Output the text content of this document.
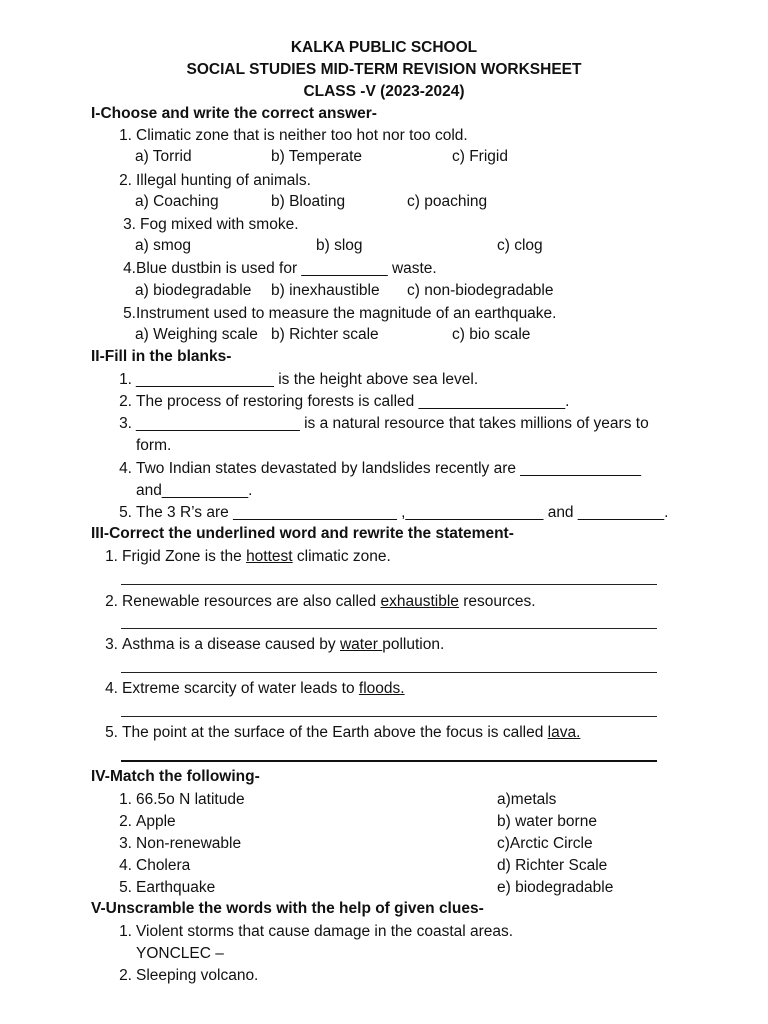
KALKA PUBLIC SCHOOL
SOCIAL STUDIES MID-TERM REVISION WORKSHEET
CLASS -V (2023-2024)
I-Choose and write the correct answer-
1. Climatic zone that is neither too hot nor too cold.
a) Torrid	b) Temperate	c) Frigid
2. Illegal hunting of animals.
a) Coaching	b) Bloating	c) poaching
3. Fog mixed with smoke.
a) smog	b) slog	c) clog
4. Blue dustbin is used for __________ waste.
a) biodegradable b) inexhaustible c) non-biodegradable
5. Instrument used to measure the magnitude of an earthquake.
a) Weighing scale b) Richter scale	c) bio scale
II-Fill in the blanks-
1. ________________ is the height above sea level.
2. The process of restoring forests is called _________________.
3. ___________________ is a natural resource that takes millions of years to
form.
4. Two Indian states devastated by landslides recently are ______________
and__________.
5. The 3 R’s are ___________________ ,________________ and __________.
III-Correct the underlined word and rewrite the statement-
1. Frigid Zone is the hottest climatic zone.
2. Renewable resources are also called exhaustible resources.
3. Asthma is a disease caused by water pollution.
4. Extreme scarcity of water leads to floods.
5. The point at the surface of the Earth above the focus is called lava.
IV-Match the following-
1. 66.5o N latitude	a)metals
2. Apple	b) water borne
3. Non-renewable	c)Arctic Circle
4. Cholera	d) Richter Scale
5. Earthquake	e) biodegradable
V-Unscramble the words with the help of given clues-
1. Violent storms that cause damage in the coastal areas.
YONCLEC –
2. Sleeping volcano.
